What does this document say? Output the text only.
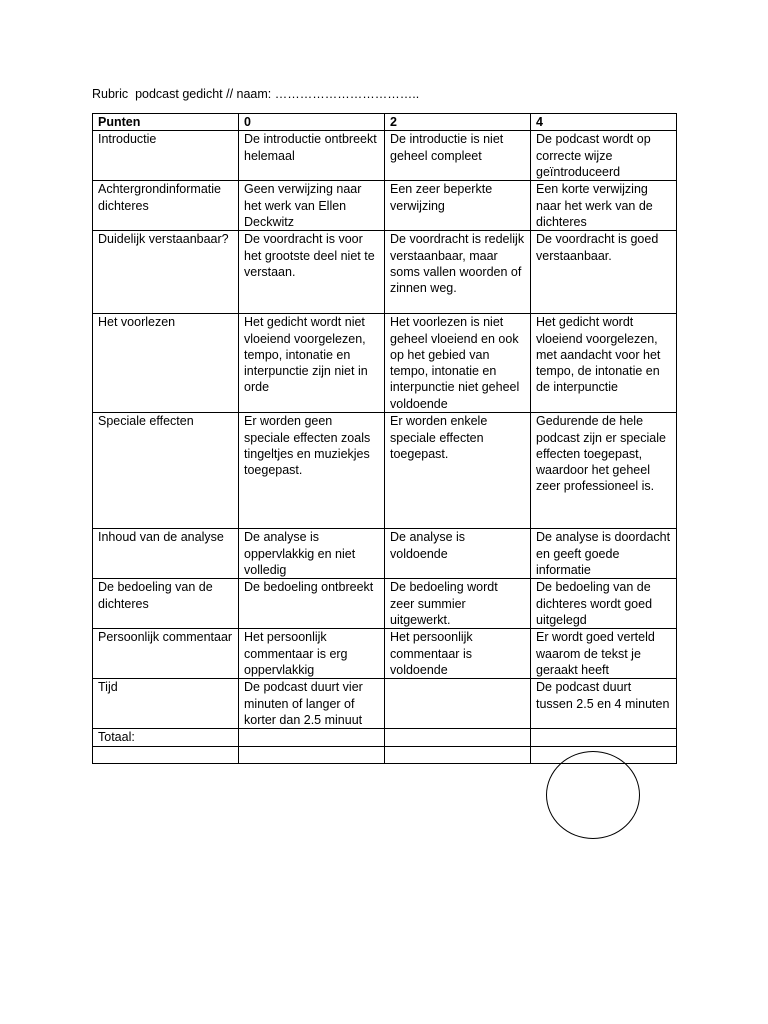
Rubric  podcast gedicht // naam: ……………………………..
Punten	0	2	4
Introductie	De introductie ontbreekt helemaal	De introductie is niet geheel compleet	De podcast wordt op correcte wijze geïntroduceerd
Achtergrondinformatie dichteres	Geen verwijzing naar het werk van Ellen Deckwitz	Een zeer beperkte verwijzing	Een korte verwijzing naar het werk van de dichteres
Duidelijk verstaanbaar?	De voordracht is voor het grootste deel niet te verstaan.	De voordracht is redelijk verstaanbaar, maar soms vallen woorden of zinnen weg.	De voordracht is goed verstaanbaar.
Het voorlezen	Het gedicht wordt niet vloeiend voorgelezen, tempo, intonatie en interpunctie zijn niet in orde	Het voorlezen is niet geheel vloeiend en ook op het gebied van tempo, intonatie en interpunctie niet geheel voldoende	Het gedicht wordt vloeiend voorgelezen, met aandacht voor het tempo, de intonatie en de interpunctie
Speciale effecten	Er worden geen speciale effecten zoals tingeltjes en muziekjes toegepast.	Er worden enkele speciale effecten toegepast.	Gedurende de hele podcast zijn er speciale effecten toegepast, waardoor het geheel zeer professioneel is.
Inhoud van de analyse	De analyse is oppervlakkig en niet volledig	De analyse is voldoende	De analyse is doordacht en geeft goede informatie
De bedoeling van de dichteres	De bedoeling ontbreekt	De bedoeling wordt zeer summier uitgewerkt.	De bedoeling van de dichteres wordt goed uitgelegd
Persoonlijk commentaar	Het persoonlijk commentaar is erg oppervlakkig	Het persoonlijk commentaar is voldoende	Er wordt goed verteld waarom de tekst je geraakt heeft
Tijd	De podcast duurt vier minuten of langer of korter dan 2.5 minuut		De podcast duurt tussen 2.5 en 4 minuten
Totaal:			
